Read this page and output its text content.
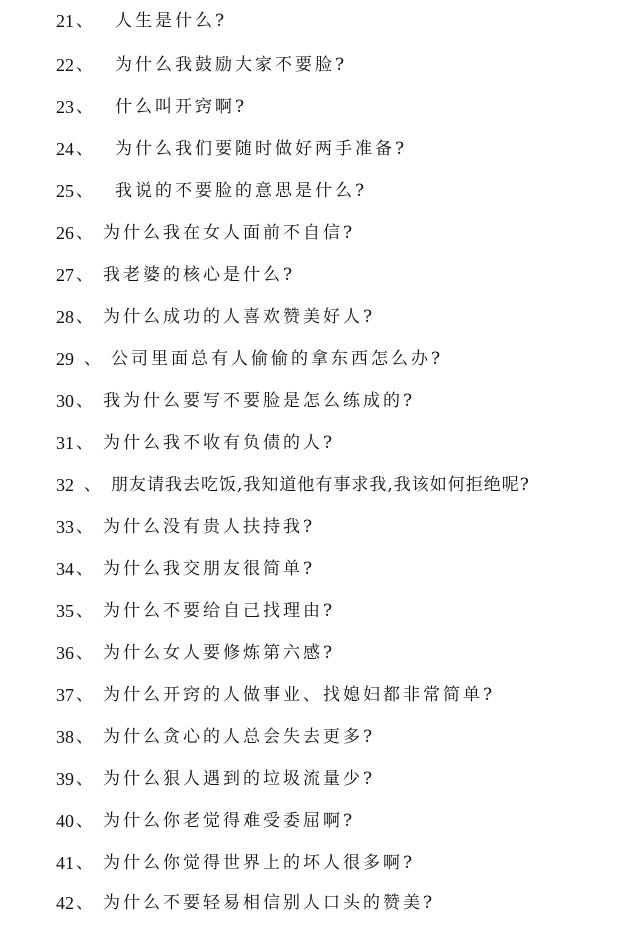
21 、 人生是什么?
22 、 为什么我鼓励大家不要脸?
23 、 什么叫开窍啊?
24 、 为什么我们要随时做好两手准备?
25 、 我说的不要脸的意思是什么?
26 、 为什么我在女人面前不自信?
27 、 我老婆的核心是什么?
28 、 为什么成功的人喜欢赞美好人?
29 、 公司里面总有人偷偷的拿东西怎么办?
30 、 我为什么要写不要脸是怎么练成的?
31 、 为什么我不收有负债的人?
32 、 朋友请我去吃饭,我知道他有事求我,我该如何拒绝呢?
33 、 为什么没有贵人扶持我?
34 、 为什么我交朋友很简单?
35 、 为什么不要给自己找理由?
36 、 为什么女人要修炼第六感?
37 、 为什么开窍的人做事业、找媳妇都非常简单?
38 、 为什么贪心的人总会失去更多?
39 、 为什么狠人遇到的垃圾流量少?
40 、 为什么你老觉得难受委屈啊?
41 、 为什么你觉得世界上的坏人很多啊?
42 、 为什么不要轻易相信别人口头的赞美?
